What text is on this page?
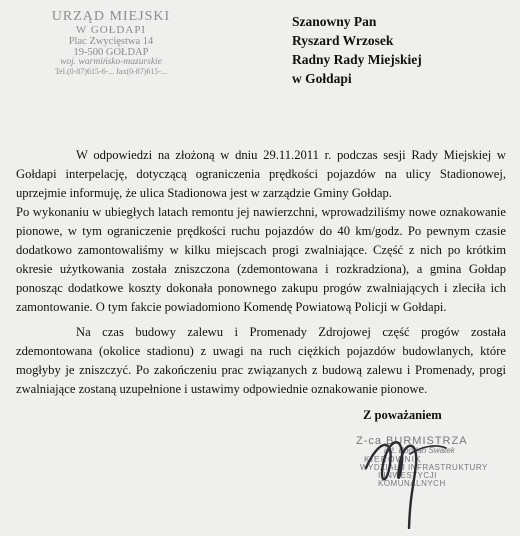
URZĄD MIEJSKI
W GOŁDAPI
Plac Zwycięstwa 14
19-500 GOŁDAP
woj. warmińsko-mazurskie
Tel.(0-87)615-6-... fax(0-87)615-...
Szanowny Pan
Ryszard Wrzosek
Radny Rady Miejskiej
w Gołdapi

W odpowiedzi na złożoną w dniu 29.11.2011 r. podczas sesji Rady Miejskiej w Gołdapi interpelację, dotyczącą ograniczenia prędkości pojazdów na ulicy Stadionowej, uprzejmie informuję, że ulica Stadionowa jest w zarządzie Gminy Gołdap.

Po wykonaniu w ubiegłych latach remontu jej nawierzchni, wprowadziliśmy nowe oznakowanie pionowe, w tym ograniczenie prędkości ruchu pojazdów do 40 km/godz. Po pewnym czasie dodatkowo zamontowaliśmy w kilku miejscach progi zwalniające. Część z nich po krótkim okresie użytkowania została zniszczona (zdemontowana i rozkradziona), a gmina Gołdap ponosząc dodatkowe koszty dokonała ponownego zakupu progów zwalniających i zleciła ich zamontowanie. O tym fakcie powiadomiono Komendę Powiatową Policji w Gołdapi.

Na czas budowy zalewu i Promenady Zdrojowej część progów została zdemontowana (okolice stadionu) z uwagi na ruch ciężkich pojazdów budowlanych, które mogłyby je zniszczyć. Po zakończeniu prac związanych z budową zalewu i Promenady, progi zwalniające zostaną uzupełnione i ustawimy odpowiednie oznakowanie pionowe.

Z poważaniem
Z-ca BURMISTRZA
inż. Bogdan Swatek
KIEROWNIK
WYDZIAŁU INFRASTRUKTURY
I INWESTYCJI KOMUNALNYCH
